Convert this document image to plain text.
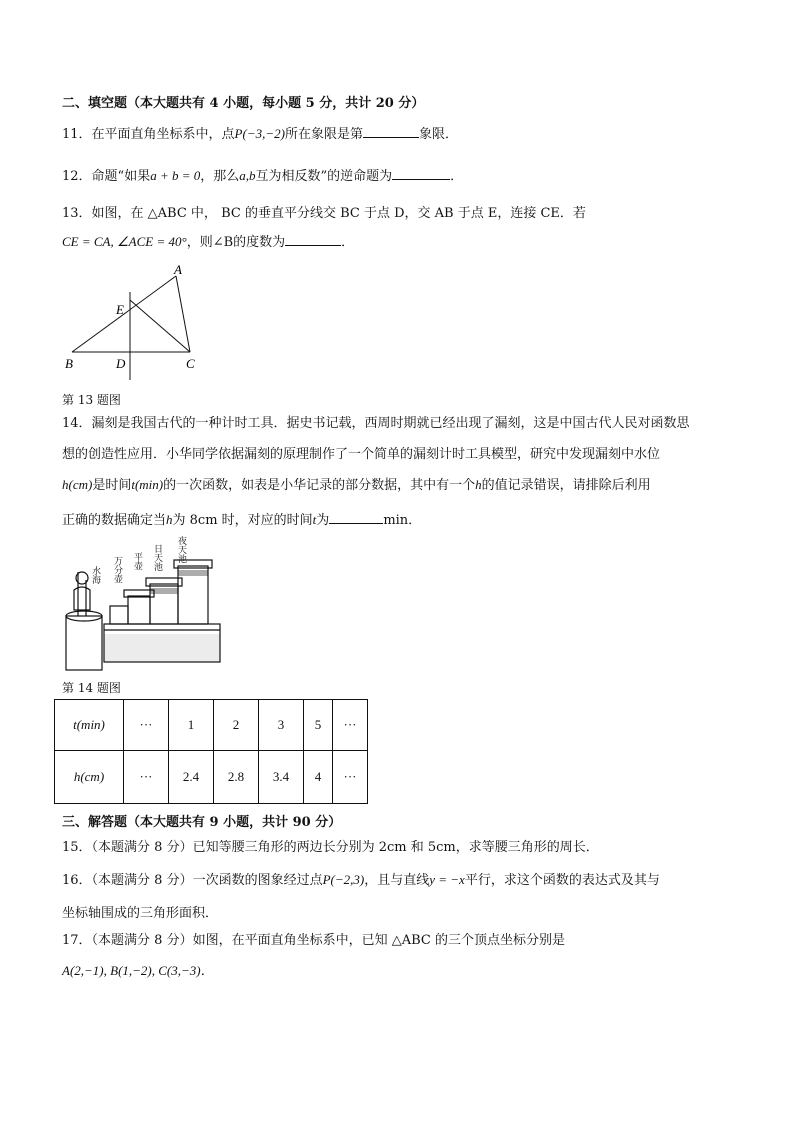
二、填空题（本大题共有 4 小题，每小题 5 分，共计 20 分）
11．在平面直角坐标系中，点P(−3,−2)所在象限是第	象限．
12．命题“如果a + b = 0，那么a,b互为相反数”的逆命题为	．
13．如图，在 △ABC 中， BC 的垂直平分线交 BC 于点 D，交 AB 于点 E，连接 CE．若
CE = CA, ∠ACE = 40°，则∠B的度数为	．
A
B	C
D
E
第 13 题图
14．漏刻是我国古代的一种计时工具．据史书记载，西周时期就已经出现了漏刻，这是中国古代人民对函数思
想的创造性应用．小华同学依据漏刻的原理制作了一个简单的漏刻计时工具模型，研究中发现漏刻中水位
h(cm)是时间t(min)的一次函数，如表是小华记录的部分数据，其中有一个h的值记录错误，请排除后利用
正确的数据确定当h为 8cm 时，对应的时间t为	min．
夜天池
日天池
平壶
万分壶
水海
第 14 题图
t(min)	···	1	2	3	5	···
h(cm)	···	2.4	2.8	3.4	4	···
三、解答题（本大题共有 9 小题，共计 90 分）
15．（本题满分 8 分）已知等腰三角形的两边长分别为 2cm 和 5cm，求等腰三角形的周长．
16．（本题满分 8 分）一次函数的图象经过点P(−2,3)，且与直线y = −x平行，求这个函数的表达式及其与
坐标轴围成的三角形面积．
17．（本题满分 8 分）如图，在平面直角坐标系中，已知 △ABC 的三个顶点坐标分别是
A(2,−1), B(1,−2), C(3,−3)．
